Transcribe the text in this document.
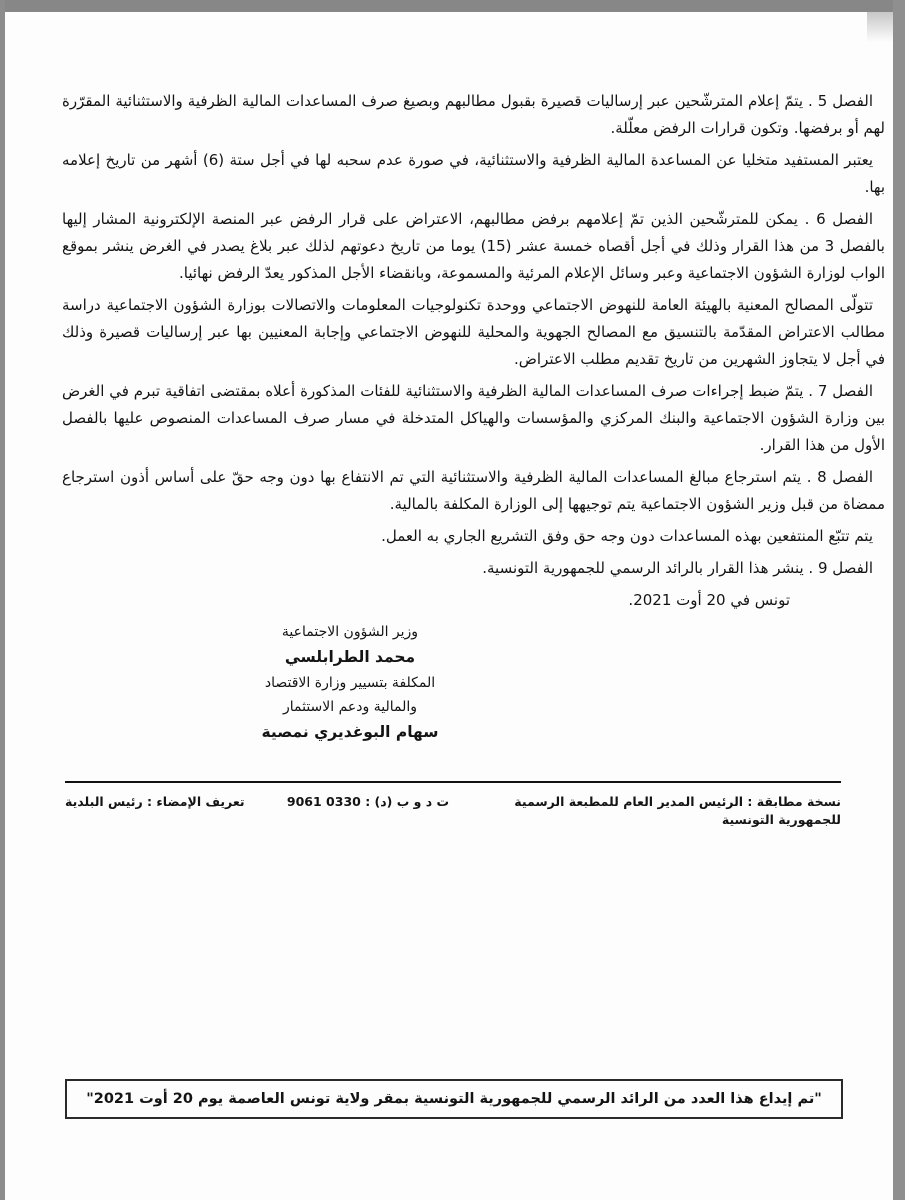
الفصل 5 . يتمّ إعلام المترشّحين عبر إرساليات قصيرة بقبول مطالبهم وبصيغ صرف المساعدات المالية الظرفية والاستثنائية المقرّرة لهم أو برفضها. وتكون قرارات الرفض معلّلة.

يعتبر المستفيد متخليا عن المساعدة المالية الظرفية والاستثنائية، في صورة عدم سحبه لها في أجل ستة (6) أشهر من تاريخ إعلامه بها.

الفصل 6 . يمكن للمترشّحين الذين تمّ إعلامهم برفض مطالبهم، الاعتراض على قرار الرفض عبر المنصة الإلكترونية المشار إليها بالفصل 3 من هذا القرار وذلك في أجل أقصاه خمسة عشر (15) يوما من تاريخ دعوتهم لذلك عبر بلاغ يصدر في الغرض ينشر بموقع الواب لوزارة الشؤون الاجتماعية وعبر وسائل الإعلام المرئية والمسموعة، وبانقضاء الأجل المذكور يعدّ الرفض نهائيا.

تتولّى المصالح المعنية بالهيئة العامة للنهوض الاجتماعي ووحدة تكنولوجيات المعلومات والاتصالات بوزارة الشؤون الاجتماعية دراسة مطالب الاعتراض المقدّمة بالتنسيق مع المصالح الجهوية والمحلية للنهوض الاجتماعي وإجابة المعنيين بها عبر إرساليات قصيرة وذلك في أجل لا يتجاوز الشهرين من تاريخ تقديم مطلب الاعتراض.

الفصل 7 . يتمّ ضبط إجراءات صرف المساعدات المالية الظرفية والاستثنائية للفئات المذكورة أعلاه بمقتضى اتفاقية تبرم في الغرض بين وزارة الشؤون الاجتماعية والبنك المركزي والمؤسسات والهياكل المتدخلة في مسار صرف المساعدات المنصوص عليها بالفصل الأول من هذا القرار.

الفصل 8 . يتم استرجاع مبالغ المساعدات المالية الظرفية والاستثنائية التي تم الانتفاع بها دون وجه حقّ على أساس أذون استرجاع ممضاة من قبل وزير الشؤون الاجتماعية يتم توجيهها إلى الوزارة المكلفة بالمالية.

يتم تتبّع المنتفعين بهذه المساعدات دون وجه حق وفق التشريع الجاري به العمل.

الفصل 9 . ينشر هذا القرار بالرائد الرسمي للجمهورية التونسية.

تونس في 20 أوت 2021.
وزير الشؤون الاجتماعية
محمد الطرابلسي
المكلفة بتسيير وزارة الاقتصاد
والمالية ودعم الاستثمار
سهام البوغديري نمصية
نسخة مطابقة : الرئيس المدير العام للمطبعة الرسمية للجمهورية التونسية
ت د و ب (د) : 0330 9061
تعريف الإمضاء : رئيس البلدية
"تم إيداع هذا العدد من الرائد الرسمي للجمهورية التونسية بمقر ولاية تونس العاصمة يوم 20 أوت 2021"
